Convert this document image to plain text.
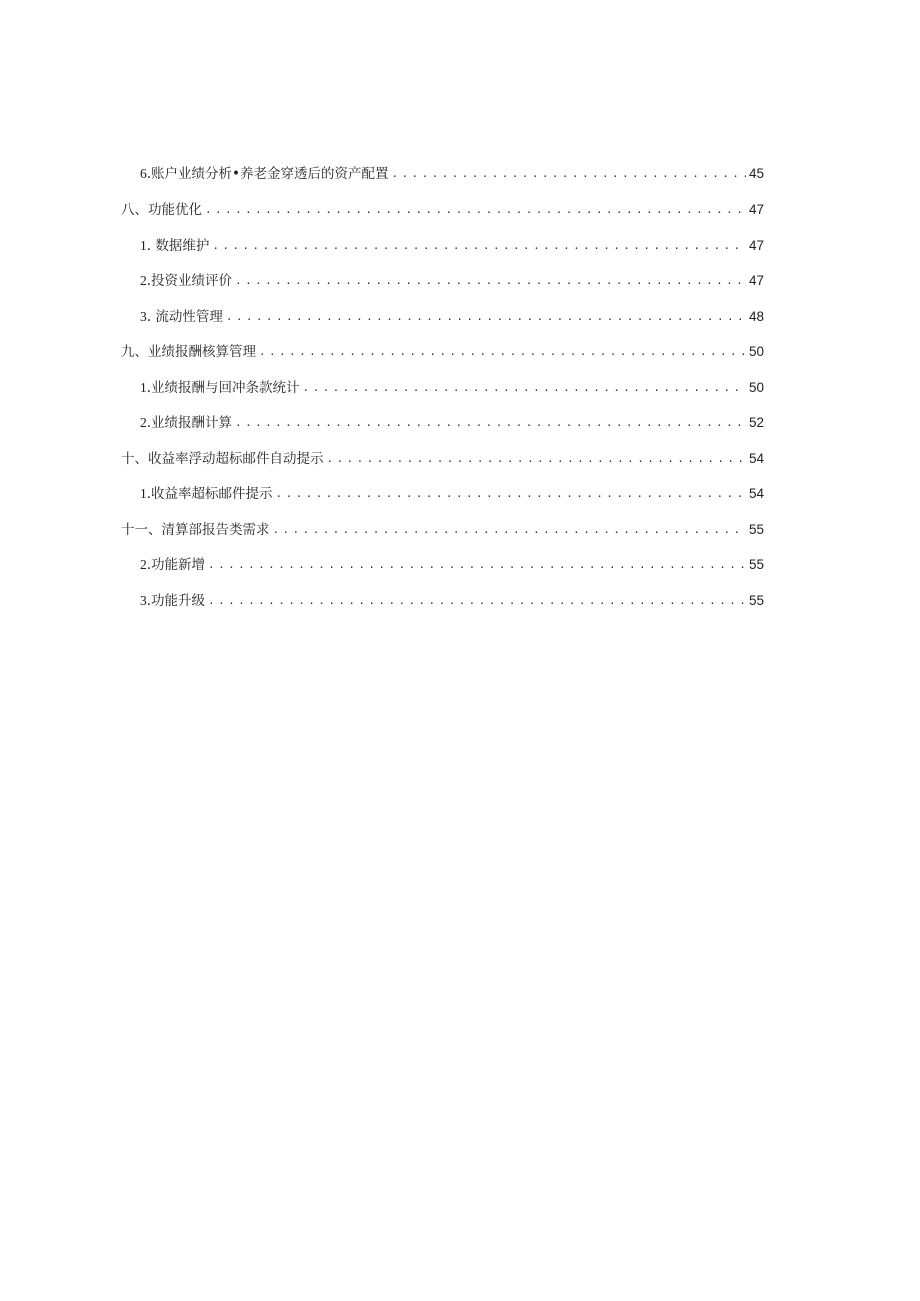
6 .账户业绩分析•养老金穿透后的资产配置 .....	45
八、功能优化 .....	47
1 . 数据维护 .....	47
2 .投资业绩评价 .....	47
3 . 流动性管理 .....	48
九、业绩报酬核算管理 .....	50
1 .业绩报酬与回冲条款统计 .....	50
2 .业绩报酬计算 .....	52
十、收益率浮动超标邮件自动提示 .....	54
1 .收益率超标邮件提示 .....	54
十一、清算部报告类需求 .....	55
2 .功能新增 .....	55
3 .功能升级 .....	55
